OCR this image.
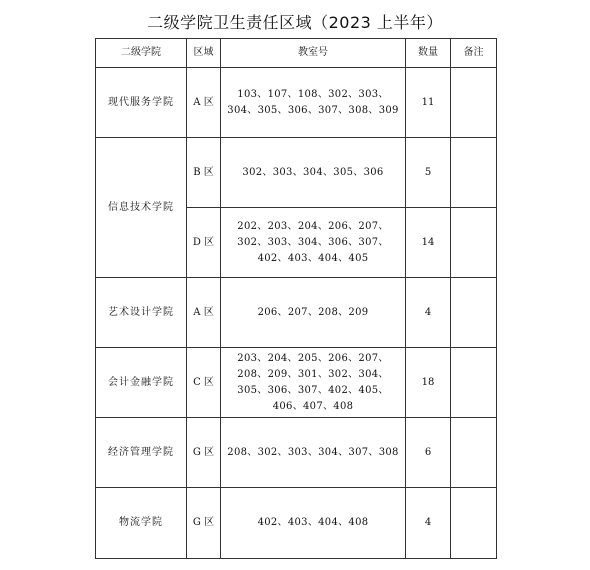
二级学院卫生责任区域（2023 上半年）
二级学院	区域	教室号	数量	备注
现代服务学院	A 区	103、107、108、302、303、304、305、306、307、308、309	11	
信息技术学院	B 区	302、303、304、305、306	5	
	D 区	202、203、204、206、207、302、303、304、306、307、402、403、404、405	14	
艺术设计学院	A 区	206、207、208、209	4	
会计金融学院	C 区	203、204、205、206、207、208、209、301、302、304、305、306、307、402、405、406、407、408	18	
经济管理学院	G 区	208、302、303、304、307、308	6	
物流学院	G 区	402、403、404、408	4	
